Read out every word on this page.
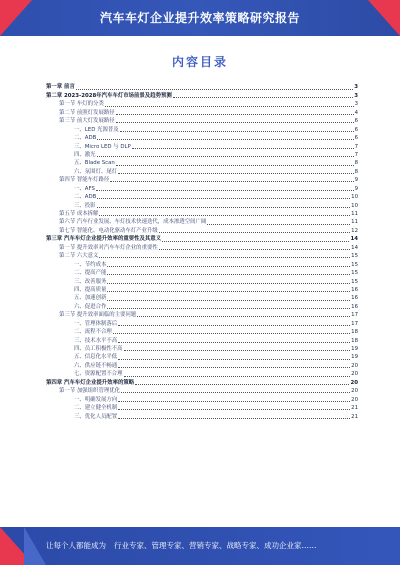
汽车车灯企业提升效率策略研究报告
内容目录
第一章 前言	3
第二章 2023-2028年汽车车灯市场前景及趋势预测	3
第一节 车灯的分类	3
第二节 前照灯发展路径	4
第三节 前大灯发展路径	6
一、LED 光源普及	6
二、ADB	6
三、Micro LED 与 DLP	7
四、激光	7
五、Blade Scan	8
六、氛围灯、尾灯	8
第四节 智能车灯路径	9
一、AFS	9
二、ADB	10
三、投影	10
第五节 成本拆解	11
第六节 汽车行业发展、车灯技术快速迭代，成本渗透空间广阔	11
第七节 智能化、电动化驱动车灯产业升级	12
第三章 汽车车灯企业提升效率的重要性及其意义	14
第一节 提升效率对汽车车灯企业的重要性	14
第二节 六大意义	15
一、节约成本	15
二、提高产能	15
三、改善服务	15
四、提高质量	16
五、加速创新	16
六、促进合作	16
第三节 提升效率面临的主要问题	17
一、管理体制落后	17
二、流程不合理	18
三、技术水平不高	18
四、员工积极性不高	19
五、信息化水平低	19
六、供应链不畅通	20
七、资源配置不合理	20
第四章 汽车车灯企业提升效率的策略	20
第一节 加强组织管理优化	20
一、明确发展方向	20
二、建立健全机制	21
三、优化人员配置	21
让每个人都能成为 行业专家、管理专家、营销专家、战略专家、成功企业家……
